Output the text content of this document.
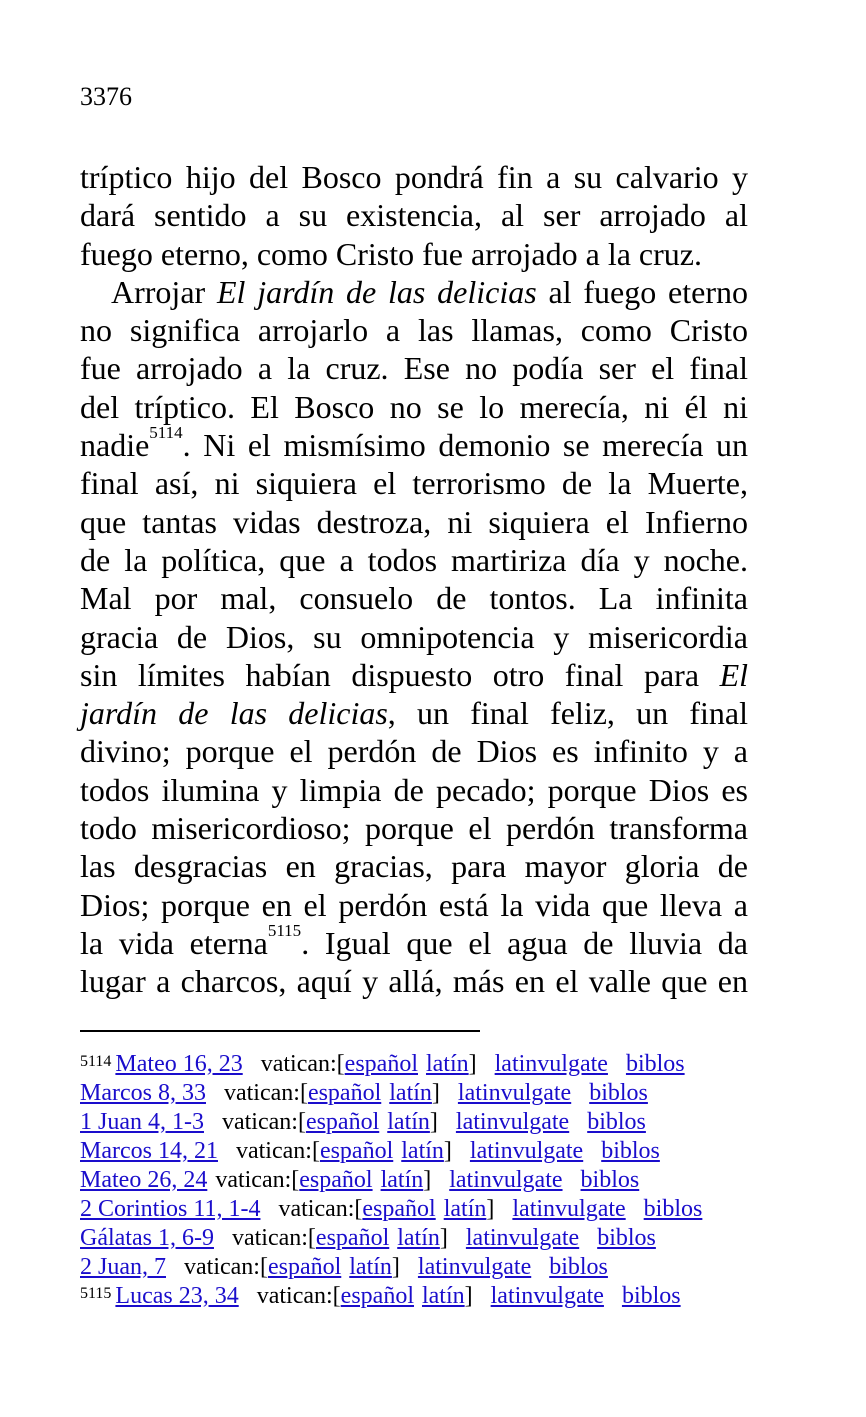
3376
tríptico hijo del Bosco pondrá fin a su calvario y
dará sentido a su existencia, al ser arrojado al
fuego eterno, como Cristo fue arrojado a la cruz.
Arrojar El jardín de las delicias al fuego eterno
no significa arrojarlo a las llamas, como Cristo
fue arrojado a la cruz. Ese no podía ser el final
del tríptico. El Bosco no se lo merecía, ni él ni
nadie$^{5114}$. Ni el mismísimo demonio se merecía un
final así, ni siquiera el terrorismo de la Muerte,
que tantas vidas destroza, ni siquiera el Infierno
de la política, que a todos martiriza día y noche.
Mal por mal, consuelo de tontos. La infinita
gracia de Dios, su omnipotencia y misericordia
sin límites habían dispuesto otro final para El
jardín de las delicias, un final feliz, un final
divino; porque el perdón de Dios es infinito y a
todos ilumina y limpia de pecado; porque Dios es
todo misericordioso; porque el perdón transforma
las desgracias en gracias, para mayor gloria de
Dios; porque en el perdón está la vida que lleva a
la vida eterna$^{5115}$. Igual que el agua de lluvia da
lugar a charcos, aquí y allá, más en el valle que en
$^{5114}$ Mateo 16, 23 vatican:[español latín] latinvulgate biblos
Marcos 8, 33 vatican:[español latín] latinvulgate biblos
1 Juan 4, 1-3 vatican:[español latín] latinvulgate biblos
Marcos 14, 21 vatican:[español latín] latinvulgate biblos
Mateo 26, 24 vatican:[español latín] latinvulgate biblos
2 Corintios 11, 1-4 vatican:[español latín] latinvulgate biblos
Gálatas 1, 6-9 vatican:[español latín] latinvulgate biblos
2 Juan, 7 vatican:[español latín] latinvulgate biblos
$^{5115}$ Lucas 23, 34 vatican:[español latín] latinvulgate biblos
